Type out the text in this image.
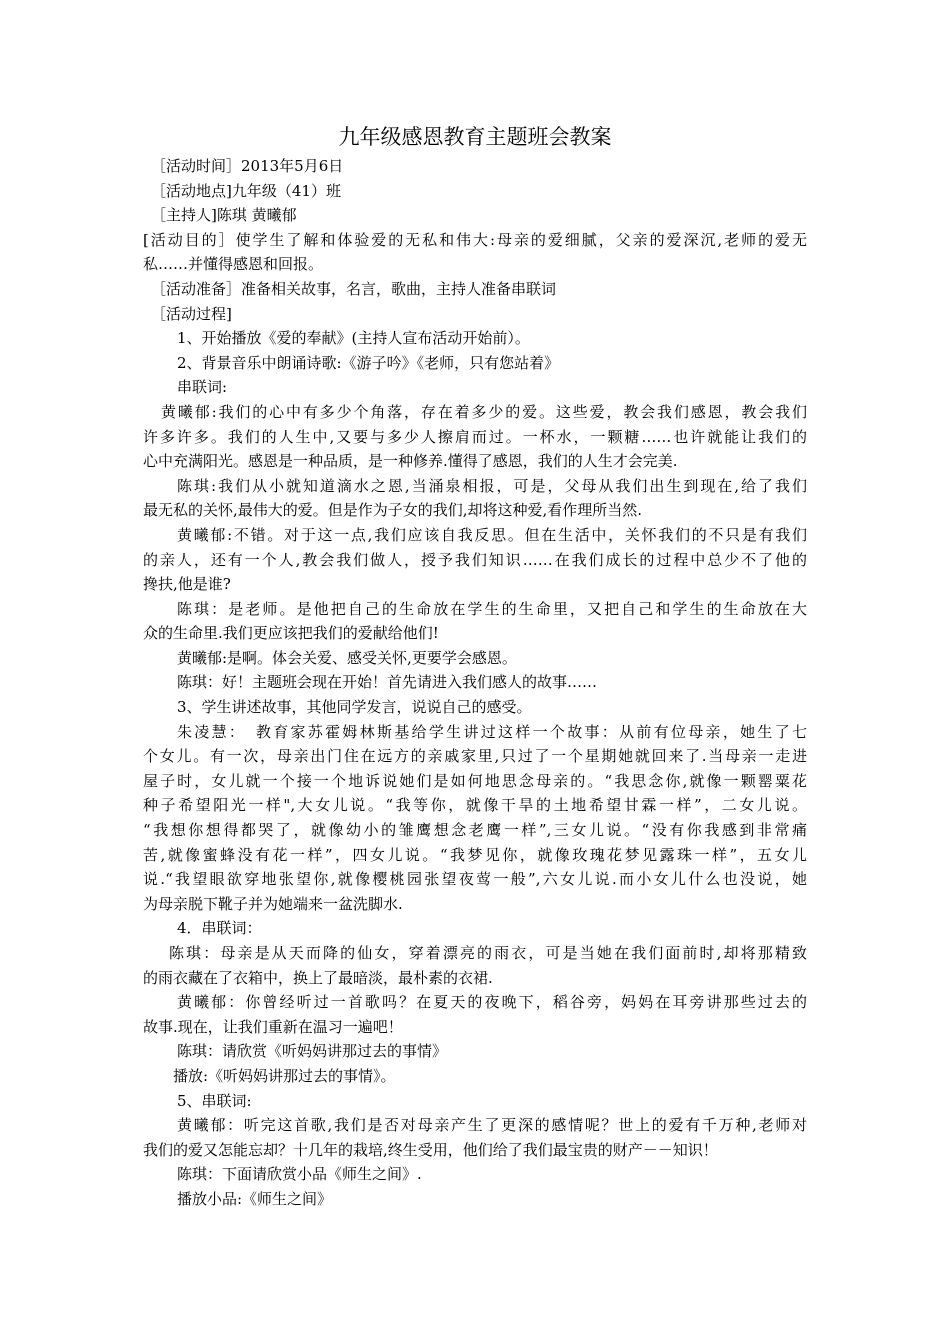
九年级感恩教育主题班会教案
［活动时间］2013年5月6日
［活动地点]九年级（41）班
［主持人]陈琪 黄曦郁
[活动目的］使学生了解和体验爱的无私和伟大:母亲的爱细腻，父亲的爱深沉,老师的爱无
私……并懂得感恩和回报。
［活动准备］准备相关故事，名言，歌曲，主持人准备串联词
［活动过程]
1、开始播放《爱的奉献》(主持人宣布活动开始前）。
2、背景音乐中朗诵诗歌:《游子吟》《老师，只有您站着》
串联词:
黄曦郁:我们的心中有多少个角落，存在着多少的爱。这些爱，教会我们感恩，教会我们
许多许多。我们的人生中,又要与多少人擦肩而过。一杯水，一颗糖……也许就能让我们的
心中充满阳光。感恩是一种品质，是一种修养.懂得了感恩，我们的人生才会完美.
陈琪:我们从小就知道滴水之恩,当涌泉相报，可是，父母从我们出生到现在,给了我们
最无私的关怀,最伟大的爱。但是作为子女的我们,却将这种爱,看作理所当然.
黄曦郁:不错。对于这一点,我们应该自我反思。但在生活中，关怀我们的不只是有我们
的亲人，还有一个人,教会我们做人，授予我们知识……在我们成长的过程中总少不了他的
搀扶,他是谁?
陈琪：是老师。是他把自己的生命放在学生的生命里，又把自己和学生的生命放在大
众的生命里.我们更应该把我们的爱献给他们!
黄曦郁:是啊。体会关爱、感受关怀,更要学会感恩。
陈琪：好！主题班会现在开始！首先请进入我们感人的故事……
3、学生讲述故事，其他同学发言，说说自己的感受。
朱凌慧：　教育家苏霍姆林斯基给学生讲过这样一个故事：从前有位母亲，她生了七
个女儿。有一次，母亲出门住在远方的亲戚家里,只过了一个星期她就回来了.当母亲一走进
屋子时，女儿就一个接一个地诉说她们是如何地思念母亲的。“我思念你,就像一颗罂粟花
种子希望阳光一样",大女儿说。“我等你，就像干旱的土地希望甘霖一样”，二女儿说。
“我想你想得都哭了，就像幼小的雏鹰想念老鹰一样”,三女儿说。“没有你我感到非常痛
苦,就像蜜蜂没有花一样”，四女儿说。“我梦见你，就像玫瑰花梦见露珠一样”，五女儿
说.“我望眼欲穿地张望你,就像樱桃园张望夜莺一般”,六女儿说.而小女儿什么也没说，她
为母亲脱下靴子并为她端来一盆洗脚水.
4．串联词：
陈琪：母亲是从天而降的仙女，穿着漂亮的雨衣，可是当她在我们面前时,却将那精致
的雨衣藏在了衣箱中，换上了最暗淡，最朴素的衣裙.
黄曦郁：你曾经听过一首歌吗？在夏天的夜晚下，稻谷旁，妈妈在耳旁讲那些过去的
故事.现在，让我们重新在温习一遍吧！
陈琪：请欣赏《听妈妈讲那过去的事情》
播放:《听妈妈讲那过去的事情》。
5、串联词:
黄曦郁：听完这首歌,我们是否对母亲产生了更深的感情呢？世上的爱有千万种,老师对
我们的爱又怎能忘却？十几年的栽培,终生受用，他们给了我们最宝贵的财产－－知识！
陈琪：下面请欣赏小品《师生之间》.
播放小品:《师生之间》
